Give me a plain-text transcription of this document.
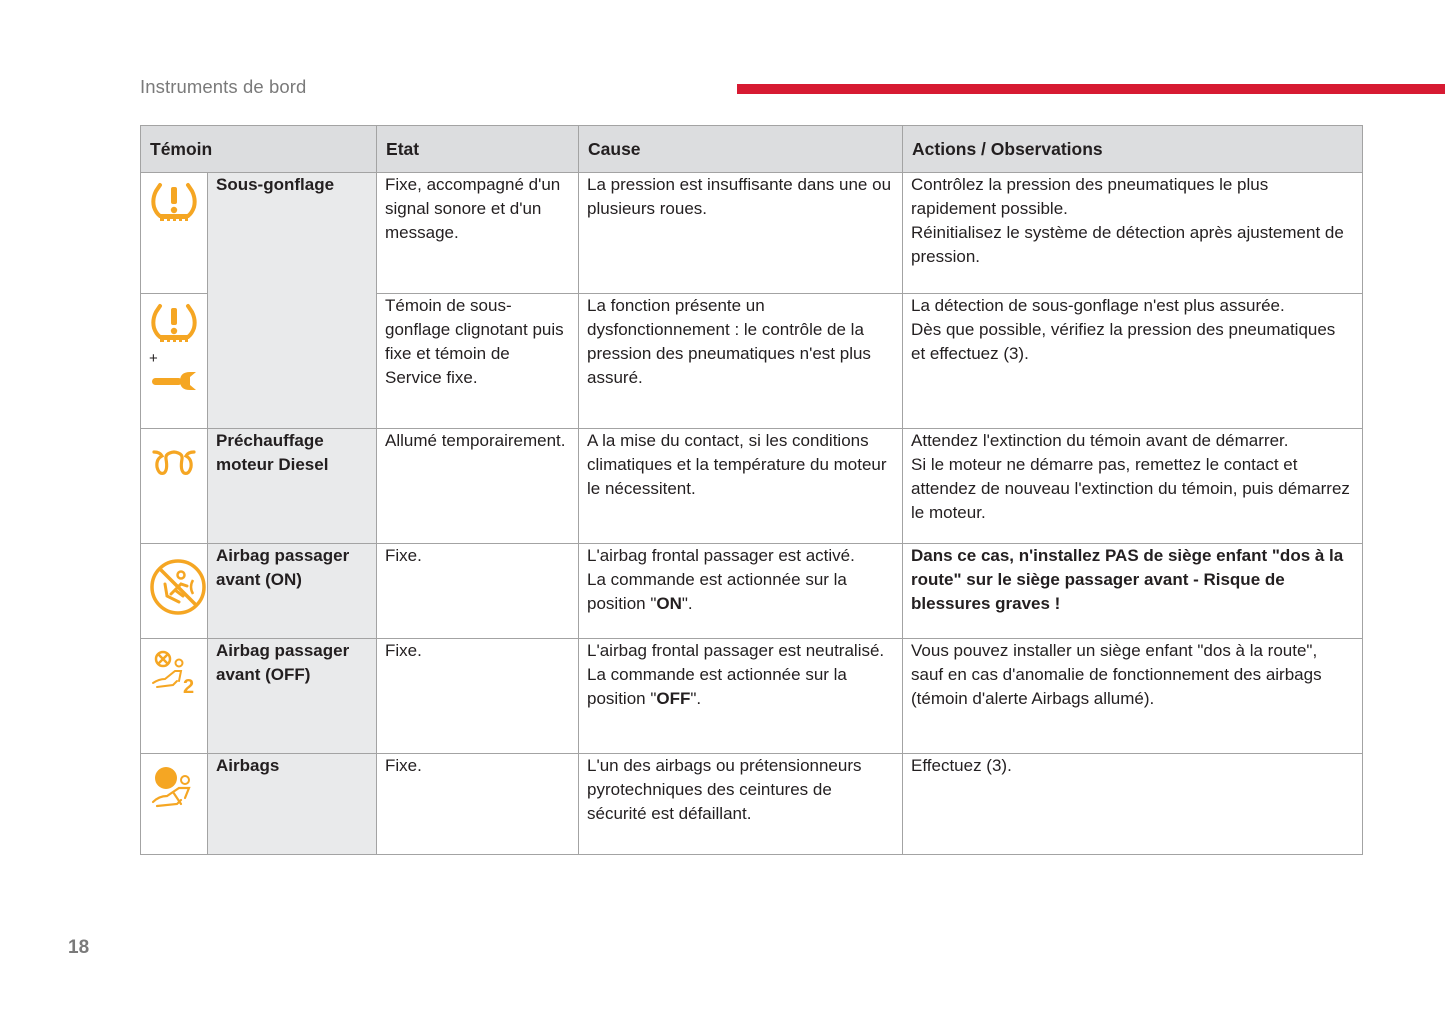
Instruments de bord
Témoin		Etat	Cause	Actions / Observations

	Sous-gonflage	Fixe, accompagné d'un signal sonore et d'un message.	La pression est insuffisante dans une ou plusieurs roues.	Contrôlez la pression des pneumatiques le plus rapidement possible.
Réinitialisez le système de détection après ajustement de pression.

+		Témoin de sous-gonflage clignotant puis fixe et témoin de Service fixe.	La fonction présente un dysfonctionnement : le contrôle de la pression des pneumatiques n'est plus assuré.	La détection de sous-gonflage n'est plus assurée.
Dès que possible, vérifiez la pression des pneumatiques et effectuez (3).

	Préchauffage moteur Diesel	Allumé temporairement.	A la mise du contact, si les conditions climatiques et la température du moteur le nécessitent.	Attendez l'extinction du témoin avant de démarrer.
Si le moteur ne démarre pas, remettez le contact et attendez de nouveau l'extinction du témoin, puis démarrez le moteur.

	Airbag passager avant (ON)	Fixe.	L'airbag frontal passager est activé.
La commande est actionnée sur la position "ON".	Dans ce cas, n'installez PAS de siège enfant "dos à la route" sur le siège passager avant - Risque de blessures graves !

2	Airbag passager avant (OFF)	Fixe.	L'airbag frontal passager est neutralisé.
La commande est actionnée sur la position "OFF".	Vous pouvez installer un siège enfant "dos à la route", sauf en cas d'anomalie de fonctionnement des airbags (témoin d'alerte Airbags allumé).

	Airbags	Fixe.	L'un des airbags ou prétensionneurs pyrotechniques des ceintures de sécurité est défaillant.	Effectuez (3).
18
